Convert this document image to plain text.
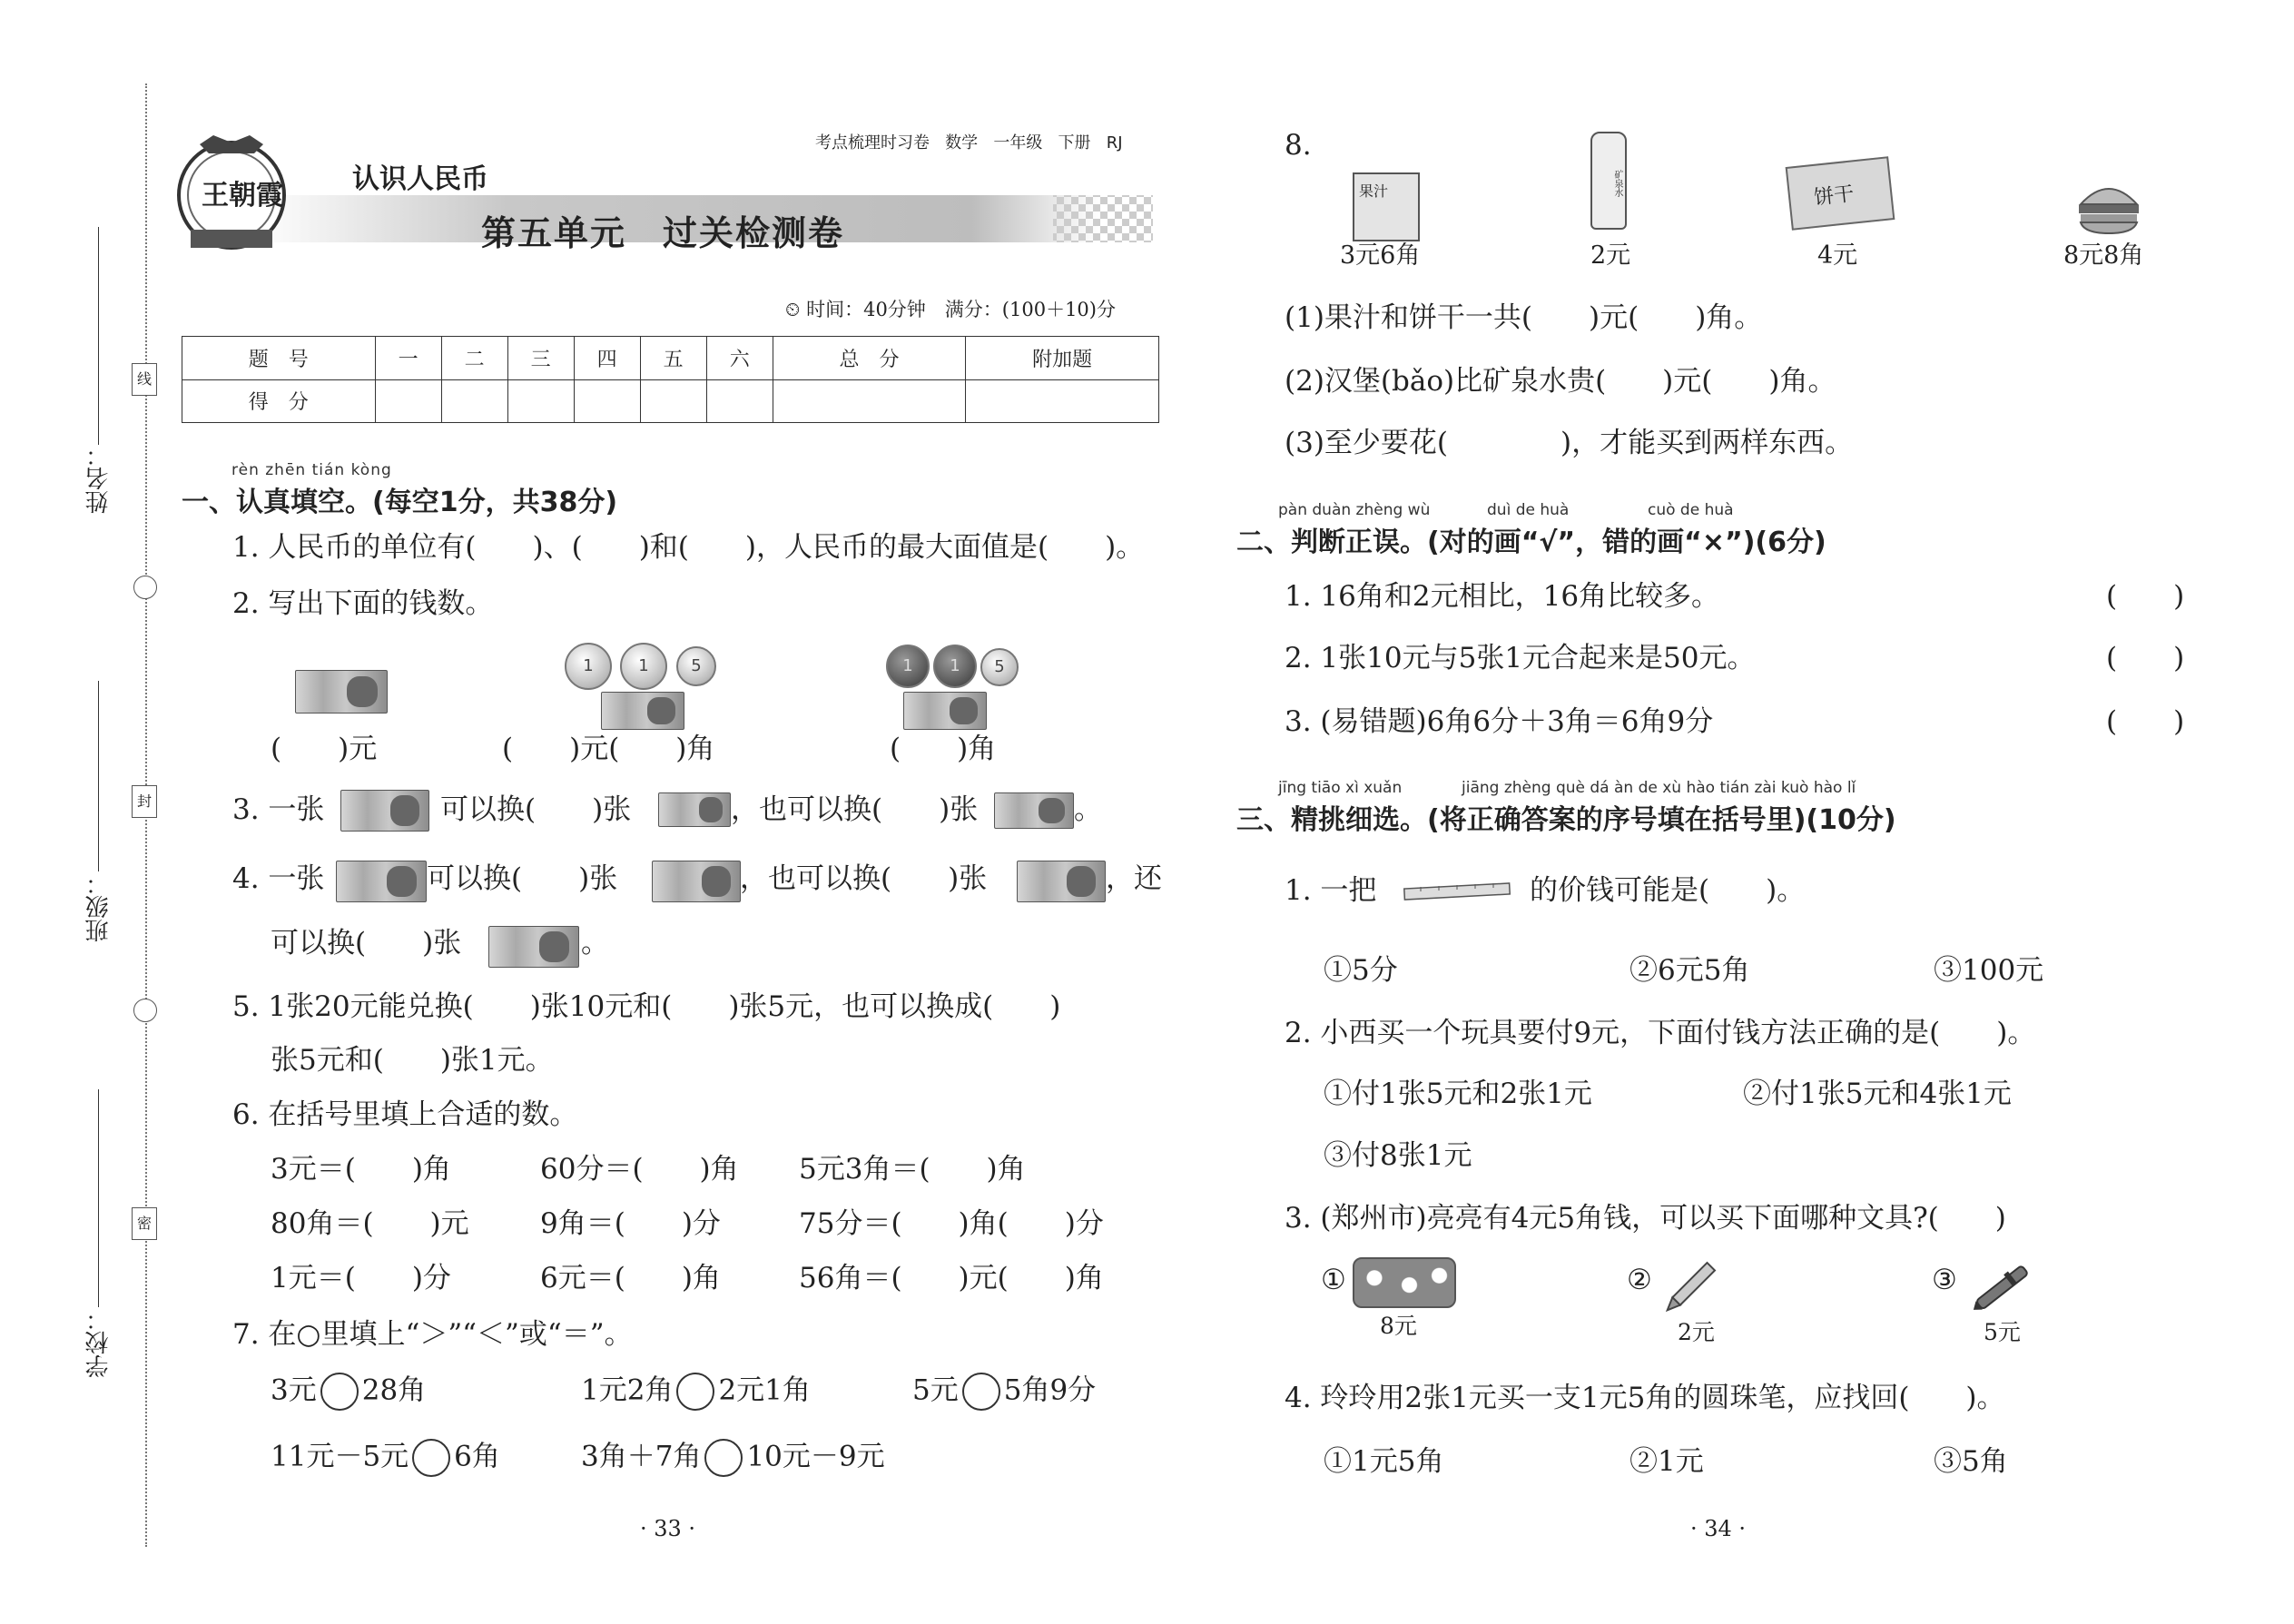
姓名：
班级：
学校：
线
封
密
王朝霞
认识人民币
第五单元　过关检测卷
考点梳理时习卷 数学 一年级 下册 RJ
⏲ 时间：40分钟　满分：(100＋10)分
题　号	一	二	三	四	五	六	总　分	附加题
得　分								
rèn zhēn tián kòng
一、认真填空。(每空1分，共38分)
1. 人民币的单位有(　　)、(　　)和(　　)，人民币的最大面值是(　　)。
2. 写出下面的钱数。
1	1	5	1	1	5
(　　)元	(　　)元(　　)角	(　　)角
3. 一张	可以换(　　)张	，也可以换(　　)张	。
4. 一张	可以换(　　)张	，也可以换(　　)张	，还
可以换(　　)张	。
5. 1张20元能兑换(　　)张10元和(　　)张5元，也可以换成(　　)
张5元和(　　)张1元。
6. 在括号里填上合适的数。
3元＝(　　)角	60分＝(　　)角 5元3角＝(　　)角
80角＝(　　)元	9角＝(　　)分	75分＝(　　)角(　　)分
1元＝(　　)分	6元＝(　　)角	56角＝(　　)元(　　)角
7. 在○里填上“＞”“＜”或“＝”。
3元 28角	1元2角 2元1角	5元 5角9分
11元－5元 6角	3角＋7角 10元－9元
· 33 ·
8.
果汁	矿泉水	饼干
3元6角	2元	4元	8元8角
(1)果汁和饼干一共(　　)元(　　)角。
(2)汉堡(bǎo)比矿泉水贵(　　)元(　　)角。
(3)至少要花(　　　　)，才能买到两样东西。
pàn duàn zhèng wù	duì de huà	cuò de huà
二、判断正误。(对的画“√”，错的画“×”)(6分)
1. 16角和2元相比，16角比较多。	(　　)
2. 1张10元与5张1元合起来是50元。	(　　)
3. (易错题)6角6分＋3角＝6角9分	(　　)
jīng tiāo xì xuǎn	jiāng zhèng què dá àn de xù hào tián zài kuò hào lǐ
三、精挑细选。(将正确答案的序号填在括号里)(10分)
1. 一把	的价钱可能是(　　)。
①5分	②6元5角	③100元
2. 小西买一个玩具要付9元，下面付钱方法正确的是(　　)。
①付1张5元和2张1元	②付1张5元和4张1元
③付8张1元
3. (郑州市)亮亮有4元5角钱，可以买下面哪种文具?(　　)
①
8元
②
2元
③
5元
4. 玲玲用2张1元买一支1元5角的圆珠笔，应找回(　　)。
①1元5角	②1元	③5角
· 34 ·
